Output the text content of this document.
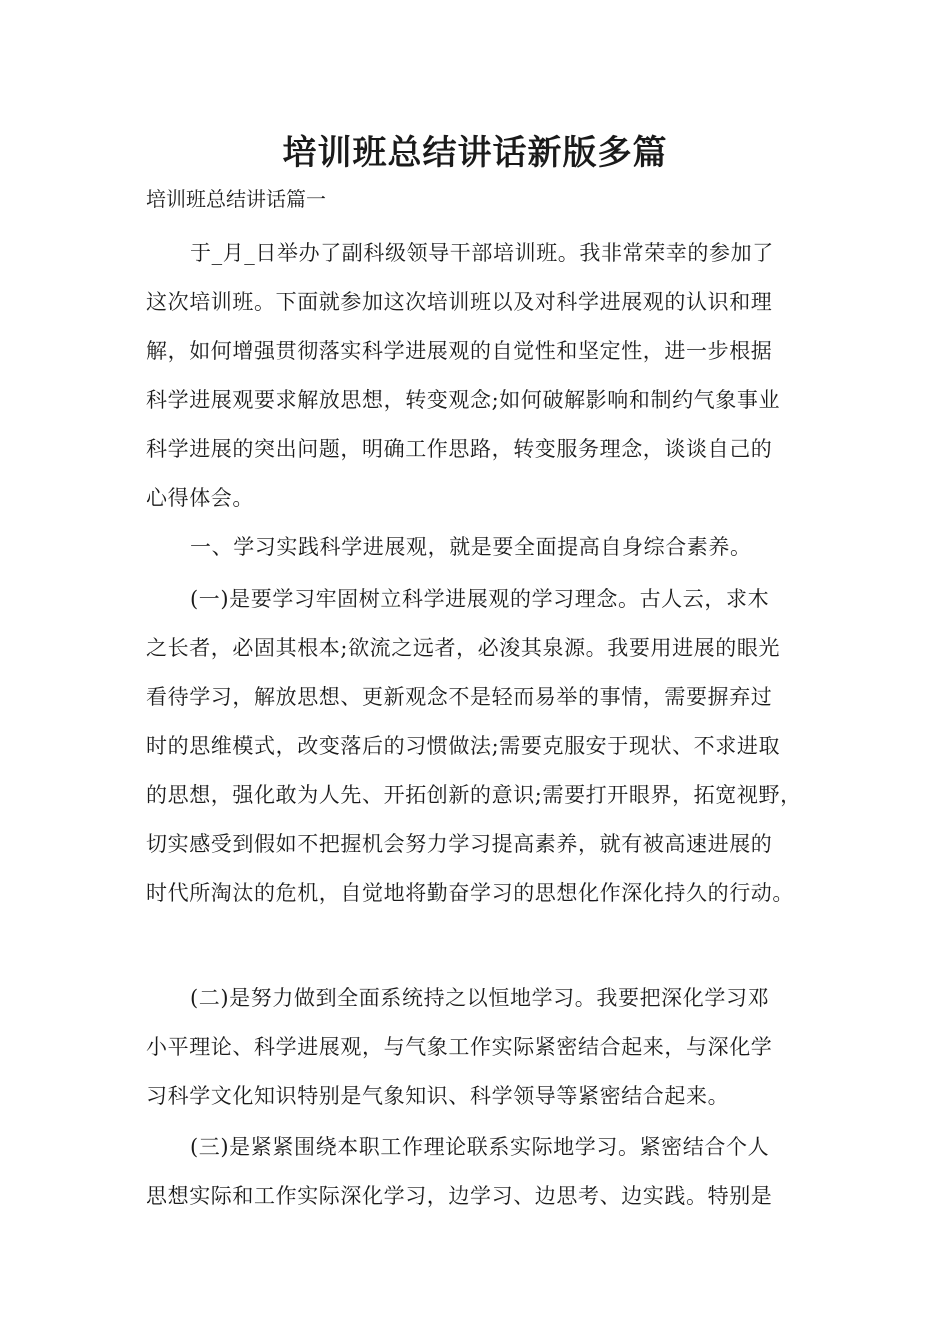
培训班总结讲话新版多篇

培训班总结讲话篇一

于_月_日举办了副科级领导干部培训班。我非常荣幸的参加了

这次培训班。下面就参加这次培训班以及对科学进展观的认识和理

解，如何增强贯彻落实科学进展观的自觉性和坚定性，进一步根据

科学进展观要求解放思想，转变观念;如何破解影响和制约气象事业

科学进展的突出问题，明确工作思路，转变服务理念，谈谈自己的

心得体会。

一、学习实践科学进展观，就是要全面提高自身综合素养。

(一)是要学习牢固树立科学进展观的学习理念。古人云，求木

之长者，必固其根本;欲流之远者，必浚其泉源。我要用进展的眼光

看待学习，解放思想、更新观念不是轻而易举的事情，需要摒弃过

时的思维模式，改变落后的习惯做法;需要克服安于现状、不求进取

的思想，强化敢为人先、开拓创新的意识;需要打开眼界，拓宽视野，

切实感受到假如不把握机会努力学习提高素养，就有被高速进展的

时代所淘汰的危机，自觉地将勤奋学习的思想化作深化持久的行动。

(二)是努力做到全面系统持之以恒地学习。我要把深化学习邓

小平理论、科学进展观，与气象工作实际紧密结合起来，与深化学

习科学文化知识特别是气象知识、科学领导等紧密结合起来。

(三)是紧紧围绕本职工作理论联系实际地学习。紧密结合个人

思想实际和工作实际深化学习，边学习、边思考、边实践。特别是
